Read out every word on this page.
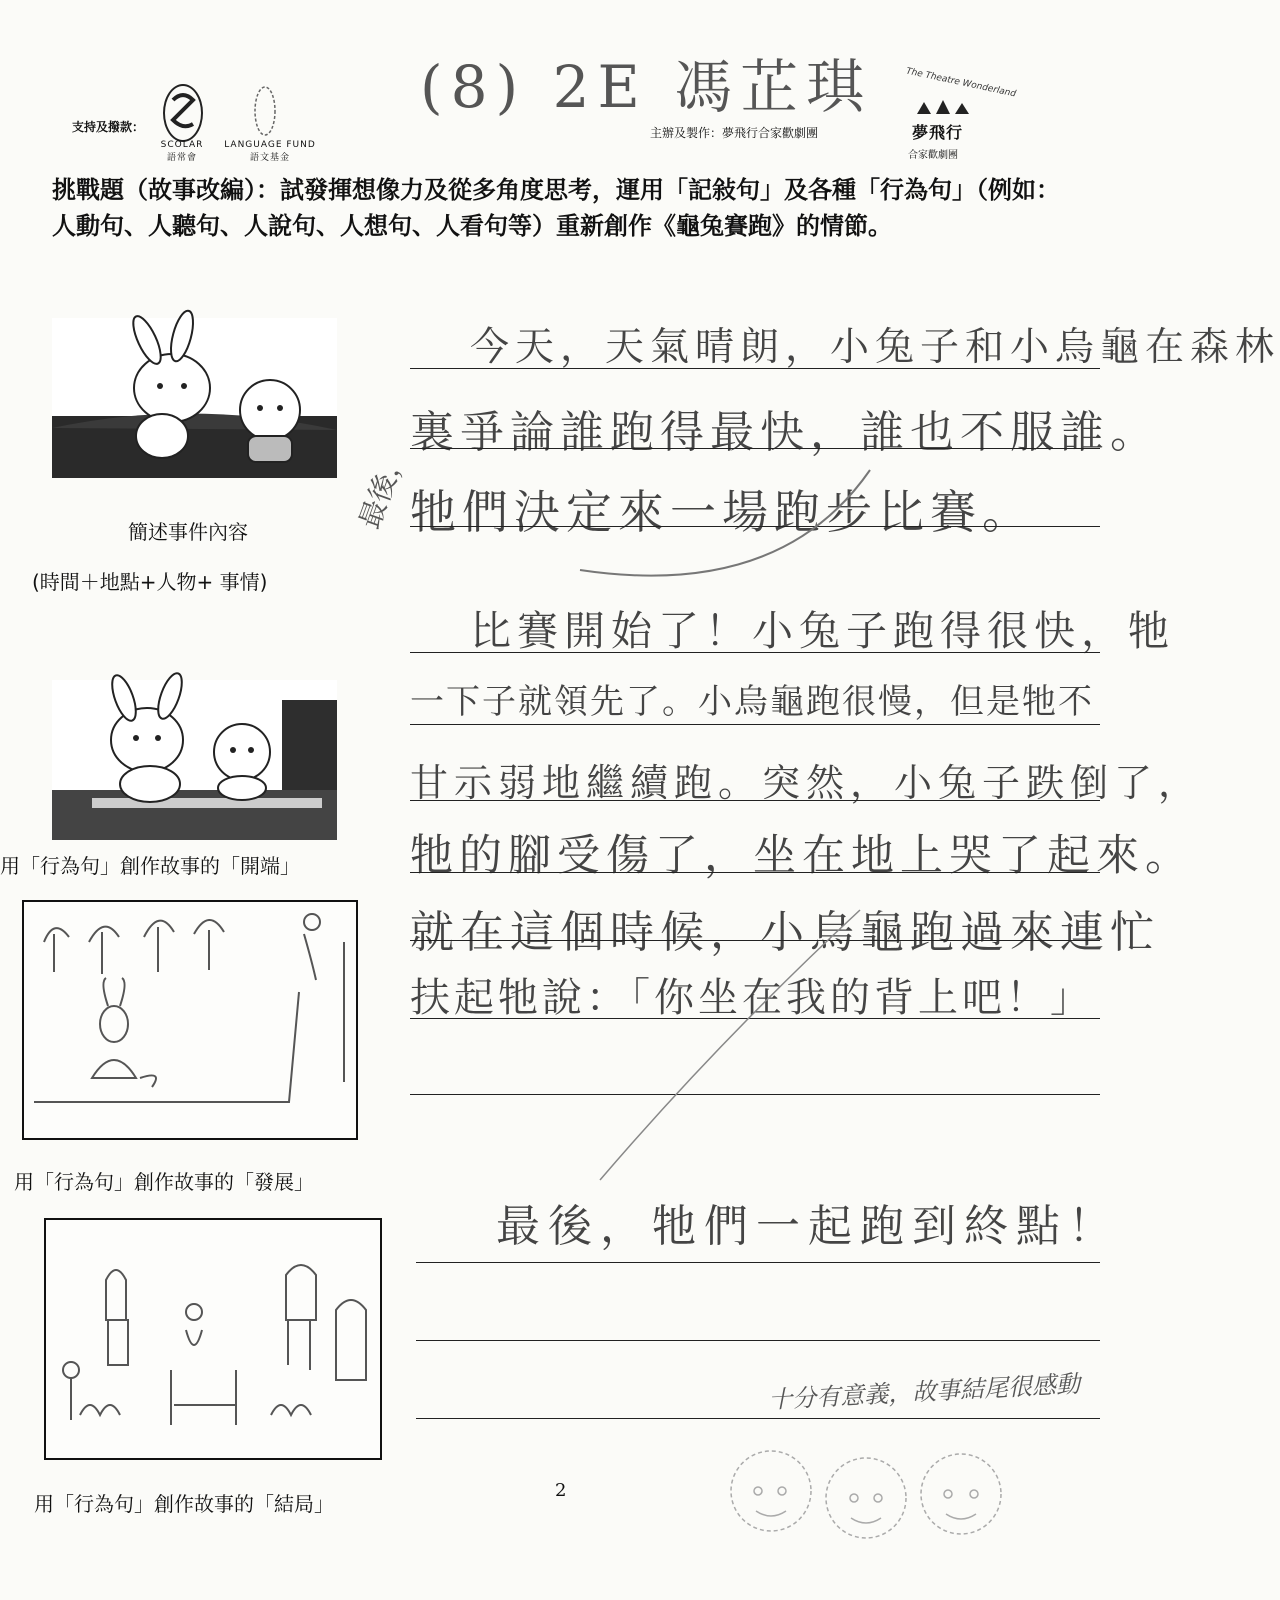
支持及撥款：
SCOLAR
語常會
LANGUAGE FUND
語文基金
(8) 2E 馮芷琪
主辦及製作：夢飛行合家歡劇團
The Theatre Wonderland
夢飛行
合家歡劇團
挑戰題（故事改編）：試發揮想像力及從多角度思考，運用「記敍句」及各種「行為句」（例如：人動句、人聽句、人說句、人想句、人看句等）重新創作《龜兔賽跑》的情節。
簡述事件內容
(時間＋地點+人物+ 事情)
用「行為句」創作故事的「開端」
用「行為句」創作故事的「發展」
用「行為句」創作故事的「結局」
最後，
今天，天氣晴朗，小兔子和小烏龜在森林
裏爭論誰跑得最快，誰也不服誰。
牠們決定來一場跑步比賽。
比賽開始了！小兔子跑得很快，牠
一下子就領先了。小烏龜跑很慢，但是牠不
甘示弱地繼續跑。突然，小兔子跌倒了，
牠的腳受傷了，坐在地上哭了起來。
就在這個時候，小烏龜跑過來連忙
扶起牠說：「你坐在我的背上吧！」
最後，牠們一起跑到終點！
十分有意義，故事結尾很感動
2
